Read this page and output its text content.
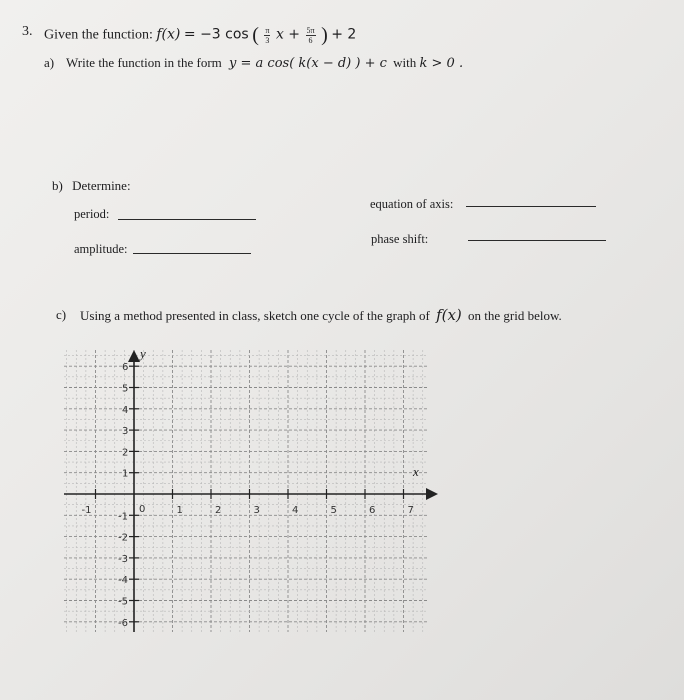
3. Given the function: f(x) = −3 cos ( $\frac{\pi}{3}$ $x + \frac{5\pi}{6}$ ) + 2
a) Write the function in the form y = a cos( k(x − d) ) + c with k > 0 .
b) Determine:
period:
amplitude:
equation of axis:
phase shift:
c) Using a method presented in class, sketch one cycle of the graph of f(x) on the grid below.
-1	1	2	3	4	5	6	7
6
5
4
3
2
1
-1
-2
-3
-4
-5
-6
x
y
0
